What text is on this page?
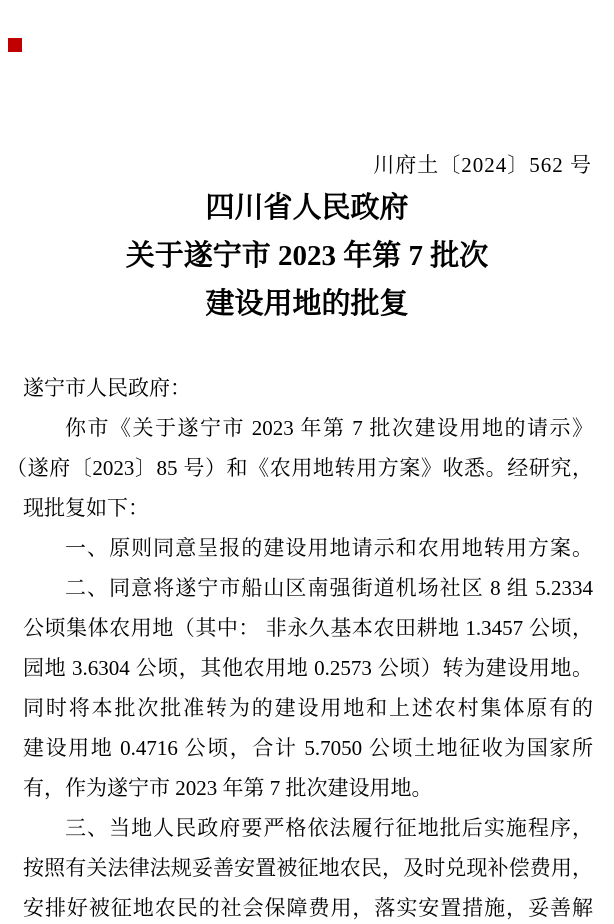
川府土〔2024〕562 号
四川省人民政府
关于遂宁市 2023 年第 7 批次
建设用地的批复
遂宁市人民政府：
你市《关于遂宁市 2023 年第 7 批次建设用地的请示》
（遂府〔2023〕85 号）和《农用地转用方案》收悉。经研究，
现批复如下：
一、原则同意呈报的建设用地请示和农用地转用方案。
二、同意将遂宁市船山区南强街道机场社区 8 组 5.2334
公顷集体农用地（其中： 非永久基本农田耕地 1.3457 公顷，
园地 3.6304 公顷，其他农用地 0.2573 公顷）转为建设用地。
同时将本批次批准转为的建设用地和上述农村集体原有的
建设用地 0.4716 公顷，合计 5.7050 公顷土地征收为国家所
有，作为遂宁市 2023 年第 7 批次建设用地。
三、当地人民政府要严格依法履行征地批后实施程序，
按照有关法律法规妥善安置被征地农民，及时兑现补偿费用，
安排好被征地农民的社会保障费用，落实安置措施，妥善解
